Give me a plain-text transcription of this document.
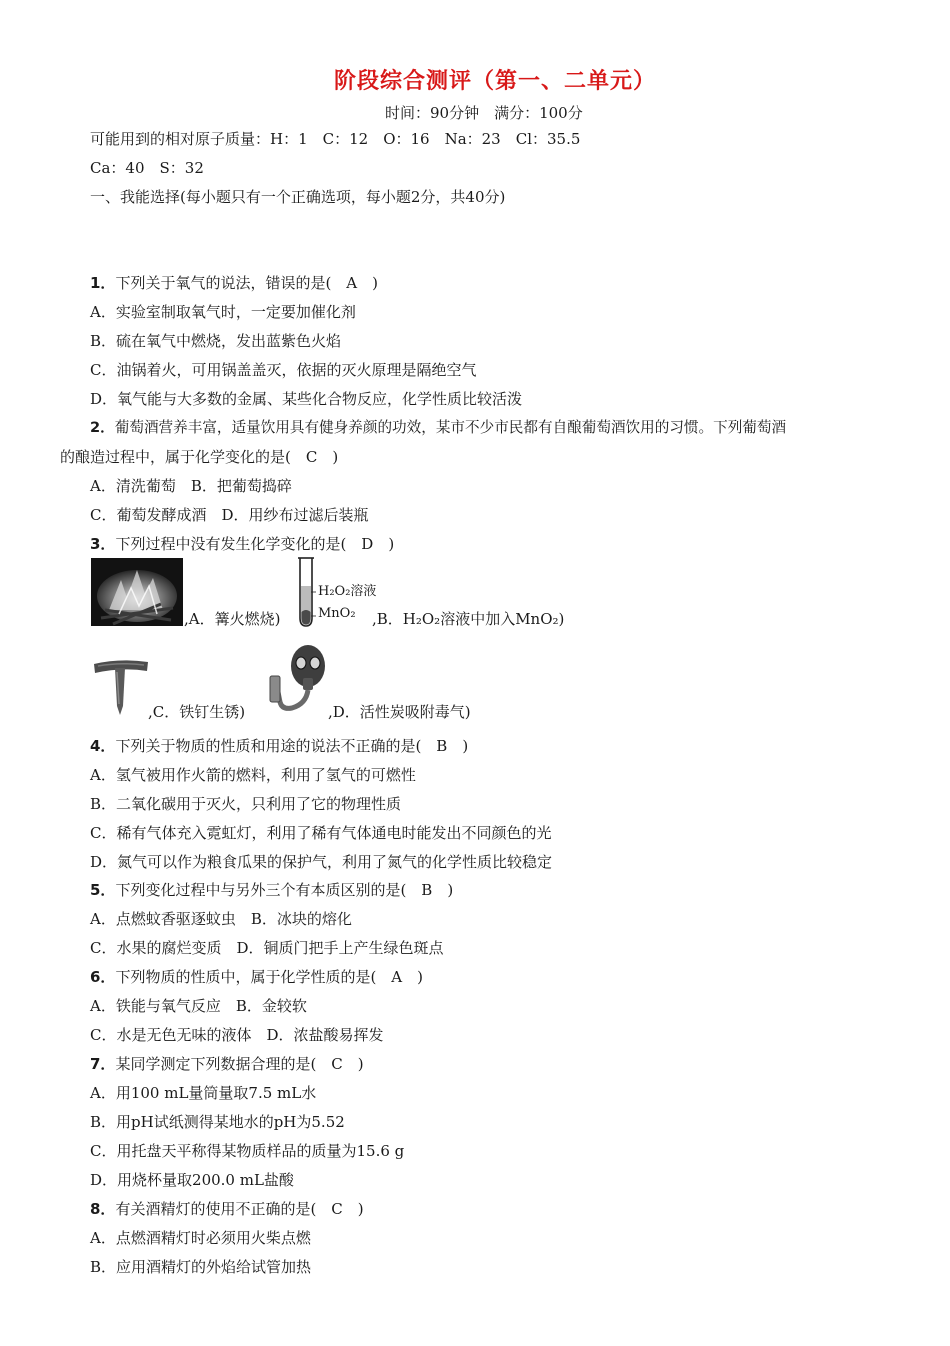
阶段综合测评（第一、二单元）
时间：90分钟　满分：100分
可能用到的相对原子质量：H：1　C：12　O：16　Na：23　Cl：35.5
Ca：40　S：32
一、我能选择(每小题只有一个正确选项，每小题2分，共40分)
1．下列关于氧气的说法，错误的是(　A　)
A．实验室制取氧气时，一定要加催化剂
B．硫在氧气中燃烧，发出蓝紫色火焰
C．油锅着火，可用锅盖盖灭，依据的灭火原理是隔绝空气
D．氧气能与大多数的金属、某些化合物反应，化学性质比较活泼
2．葡萄酒营养丰富，适量饮用具有健身养颜的功效，某市不少市民都有自酿葡萄酒饮用的习惯。下列葡萄酒
的酿造过程中，属于化学变化的是(　C　)
A．清洗葡萄　B．把葡萄捣碎
C．葡萄发酵成酒　D．用纱布过滤后装瓶
3．下列过程中没有发生化学变化的是(　D　)
,A．篝火燃烧)
H₂O₂溶液
MnO₂ ,B．H₂O₂溶液中加入MnO₂)
,C．铁钉生锈)	,D．活性炭吸附毒气)
4．下列关于物质的性质和用途的说法不正确的是(　B　)
A．氢气被用作火箭的燃料，利用了氢气的可燃性
B．二氧化碳用于灭火，只利用了它的物理性质
C．稀有气体充入霓虹灯，利用了稀有气体通电时能发出不同颜色的光
D．氮气可以作为粮食瓜果的保护气，利用了氮气的化学性质比较稳定
5．下列变化过程中与另外三个有本质区别的是(　B　)
A．点燃蚊香驱逐蚊虫　B．冰块的熔化
C．水果的腐烂变质　D．铜质门把手上产生绿色斑点
6．下列物质的性质中，属于化学性质的是(　A　)
A．铁能与氧气反应　B．金较软
C．水是无色无味的液体　D．浓盐酸易挥发
7．某同学测定下列数据合理的是(　C　)
A．用100 mL量筒量取7.5 mL水
B．用pH试纸测得某地水的pH为5.52
C．用托盘天平称得某物质样品的质量为15.6 g
D．用烧杯量取200.0 mL盐酸
8．有关酒精灯的使用不正确的是(　C　)
A．点燃酒精灯时必须用火柴点燃
B．应用酒精灯的外焰给试管加热
